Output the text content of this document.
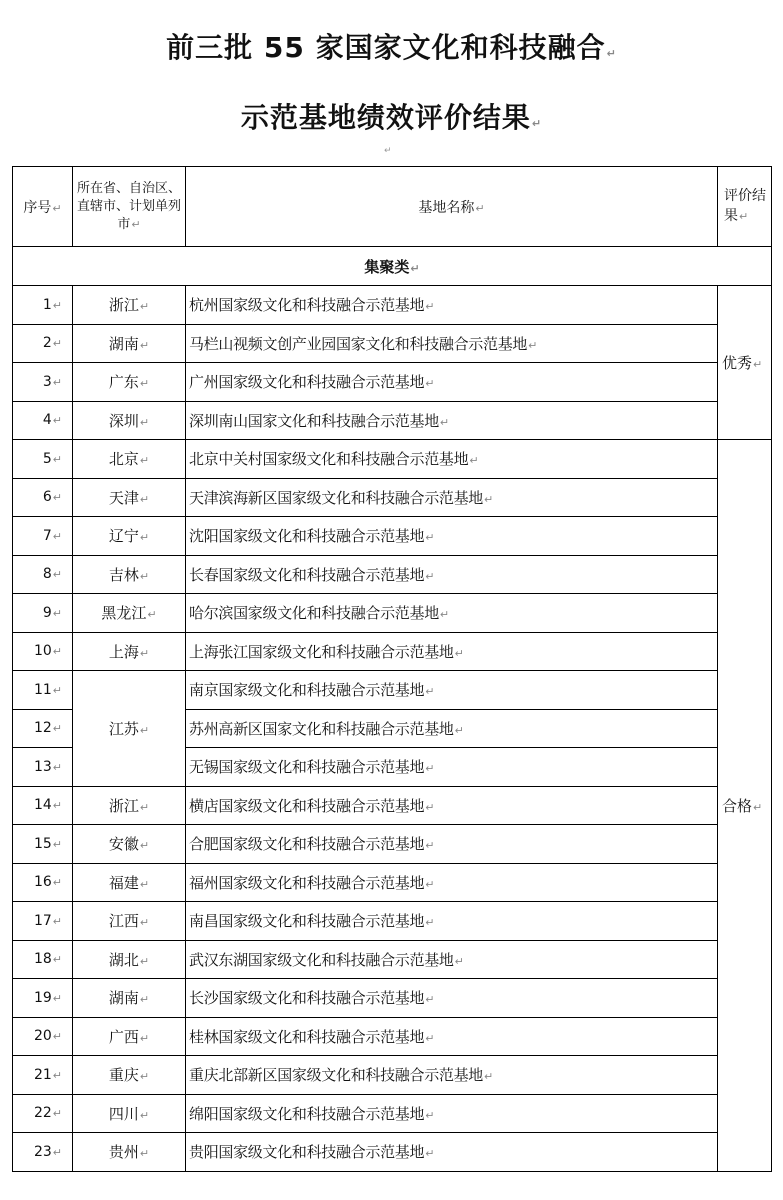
前三批 55 家国家文化和科技融合↵
示范基地绩效评价结果↵
↵
序号↵	所在省、自治区、直辖市、计划单列市↵	基地名称↵	评价结果↵
集聚类↵			
1↵	浙江↵	杭州国家级文化和科技融合示范基地↵	优秀↵
2↵	湖南↵	马栏山视频文创产业园国家文化和科技融合示范基地↵	
3↵	广东↵	广州国家级文化和科技融合示范基地↵	
4↵	深圳↵	深圳南山国家文化和科技融合示范基地↵	
5↵	北京↵	北京中关村国家级文化和科技融合示范基地↵	合格↵
6↵	天津↵	天津滨海新区国家级文化和科技融合示范基地↵	
7↵	辽宁↵	沈阳国家级文化和科技融合示范基地↵	
8↵	吉林↵	长春国家级文化和科技融合示范基地↵	
9↵	黑龙江↵	哈尔滨国家级文化和科技融合示范基地↵	
10↵	上海↵	上海张江国家级文化和科技融合示范基地↵	
11↵	江苏↵	南京国家级文化和科技融合示范基地↵	
12↵		苏州高新区国家文化和科技融合示范基地↵	
13↵		无锡国家级文化和科技融合示范基地↵	
14↵	浙江↵	横店国家级文化和科技融合示范基地↵	
15↵	安徽↵	合肥国家级文化和科技融合示范基地↵	
16↵	福建↵	福州国家级文化和科技融合示范基地↵	
17↵	江西↵	南昌国家级文化和科技融合示范基地↵	
18↵	湖北↵	武汉东湖国家级文化和科技融合示范基地↵	
19↵	湖南↵	长沙国家级文化和科技融合示范基地↵	
20↵	广西↵	桂林国家级文化和科技融合示范基地↵	
21↵	重庆↵	重庆北部新区国家级文化和科技融合示范基地↵	
22↵	四川↵	绵阳国家级文化和科技融合示范基地↵	
23↵	贵州↵	贵阳国家级文化和科技融合示范基地↵	
